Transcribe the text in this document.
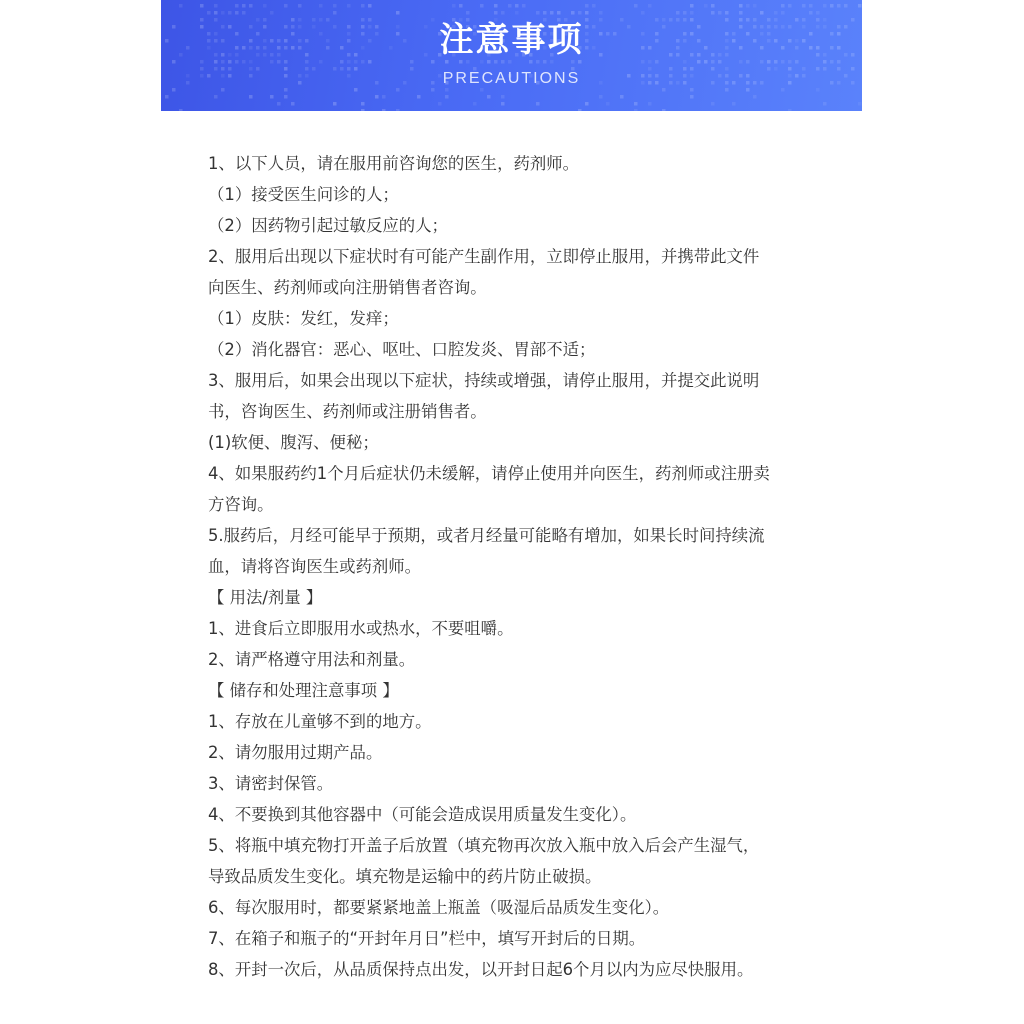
注意事项
PRECAUTIONS
1、以下人员，请在服用前咨询您的医生，药剂师。
（1）接受医生问诊的人；
（2）因药物引起过敏反应的人；
2、服用后出现以下症状时有可能产生副作用，立即停止服用，并携带此文件
向医生、药剂师或向注册销售者咨询。
（1）皮肤：发红，发痒；
（2）消化器官：恶心、呕吐、口腔发炎、胃部不适；
3、服用后，如果会出现以下症状，持续或增强，请停止服用，并提交此说明
书，咨询医生、药剂师或注册销售者。
(1)软便、腹泻、便秘；
4、如果服药约1个月后症状仍未缓解，请停止使用并向医生，药剂师或注册卖
方咨询。
5.服药后，月经可能早于预期，或者月经量可能略有增加，如果长时间持续流
血，请将咨询医生或药剂师。
【 用法/剂量 】
1、进食后立即服用水或热水，不要咀嚼。
2、请严格遵守用法和剂量。
【 储存和处理注意事项 】
1、存放在儿童够不到的地方。
2、请勿服用过期产品。
3、请密封保管。
4、不要换到其他容器中（可能会造成误用质量发生变化）。
5、将瓶中填充物打开盖子后放置（填充物再次放入瓶中放入后会产生湿气，
导致品质发生变化。填充物是运输中的药片防止破损。
6、每次服用时，都要紧紧地盖上瓶盖（吸湿后品质发生变化）。
7、在箱子和瓶子的“开封年月日”栏中，填写开封后的日期。
8、开封一次后，从品质保持点出发，以开封日起6个月以内为应尽快服用。
